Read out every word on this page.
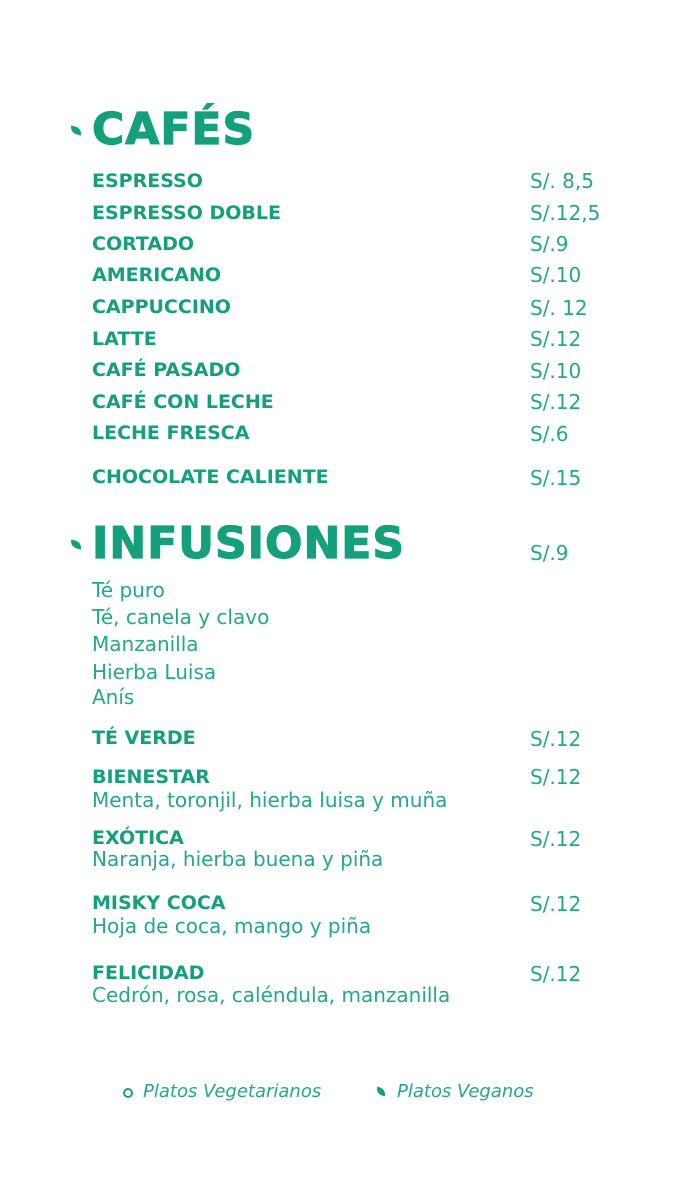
CAFÉS
ESPRESSO	S/. 8,5
ESPRESSO DOBLE	S/.12,5
CORTADO	S/.9
AMERICANO	S/.10
CAPPUCCINO	S/. 12
LATTE	S/.12
CAFÉ PASADO	S/.10
CAFÉ CON LECHE	S/.12
LECHE FRESCA	S/.6
CHOCOLATE CALIENTE	S/.15
INFUSIONES	S/.9
Té puro
Té, canela y clavo
Manzanilla
Hierba Luisa
Anís
TÉ VERDE	S/.12
BIENESTAR	S/.12
Menta, toronjil, hierba luisa y muña
EXÓTICA	S/.12
Naranja, hierba buena y piña
MISKY COCA	S/.12
Hoja de coca, mango y piña
FELICIDAD	S/.12
Cedrón, rosa, caléndula, manzanilla
Platos Vegetarianos	Platos Veganos
